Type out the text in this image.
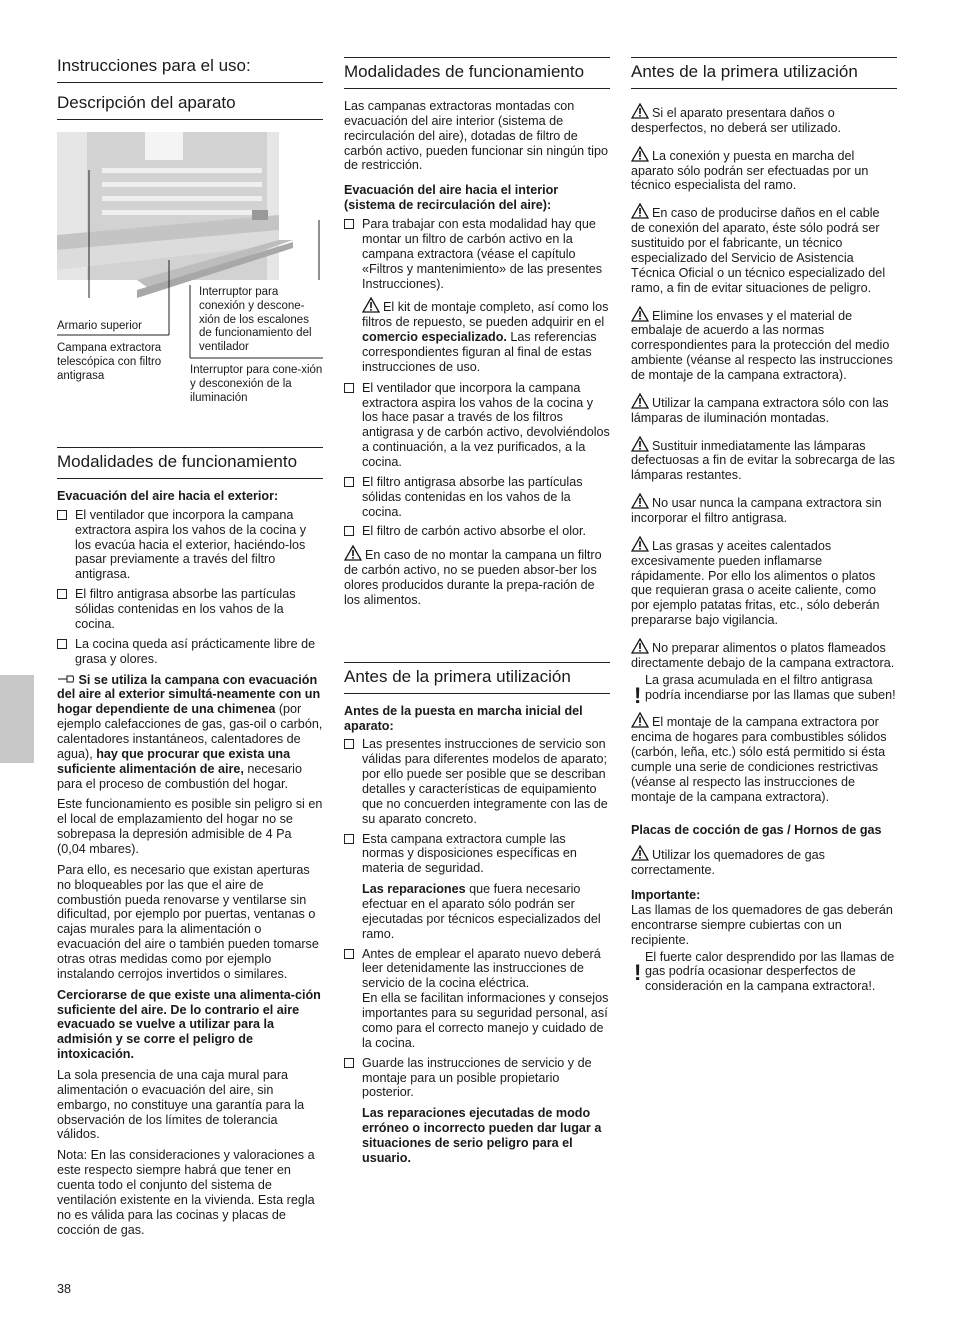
Instrucciones para el uso:
Descripción del aparato
Armario superior
Campana extractora telescópica con filtro antigrasa
Interruptor para conexión y descone-xión de los escalones de funcionamiento del ventilador
Interruptor para cone-xión y desconexión de la iluminación
Modalidades de funcionamiento
Evacuación del aire hacia el exterior:
El ventilador que incorpora la campana extractora aspira los vahos de la cocina y los evacúa hacia el exterior, haciéndo-los pasar previamente a través del filtro antigrasa.
El filtro antigrasa absorbe las partículas sólidas contenidas en los vahos de la cocina.
La cocina queda así prácticamente libre de grasa y olores.

Si se utiliza la campana con evacuación del aire al exterior simultá-neamente con un hogar dependiente de una chimenea (por ejemplo calefacciones de gas, gas-oil o carbón, calentadores instantáneos, calentadores de agua), hay que procurar que exista una suficiente alimentación de aire, necesario para el proceso de combustión del hogar.

Este funcionamiento es posible sin peligro si en el local de emplazamiento del hogar no se sobrepasa la depresión admisible de 4 Pa (0,04 mbares).

Para ello, es necesario que existan aperturas no bloqueables por las que el aire de combustión pueda renovarse y ventilarse sin dificultad, por ejemplo por puertas, ventanas o cajas murales para la alimentación o evacuación del aire o también pueden tomarse otras otras medidas como por ejemplo instalando cerrojos invertidos o similares.

Cerciorarse de que existe una alimenta-ción suficiente del aire. De lo contrario el aire evacuado se vuelve a utilizar para la admisión y se corre el peligro de intoxicación.

La sola presencia de una caja mural para alimentación o evacuación del aire, sin embargo, no constituye una garantía para la observación de los límites de tolerancia válidos.

Nota: En las consideraciones y valoraciones a este respecto siempre habrá que tener en cuenta todo el conjunto del sistema de ventilación existente en la vivienda. Esta regla no es válida para las cocinas y placas de cocción de gas.

Modalidades de funcionamiento

Las campanas extractoras montadas con evacuación del aire interior (sistema de recirculación del aire), dotadas de filtro de carbón activo, pueden funcionar sin ningún tipo de restricción.

Evacuación del aire hacia el interior (sistema de recirculación del aire):
Para trabajar con esta modalidad hay que montar un filtro de carbón activo en la campana extractora (véase el capítulo «Filtros y mantenimiento» de las presentes Instrucciones).

El kit de montaje completo, así como los filtros de repuesto, se pueden adquirir en el comercio especializado. Las referencias correspondientes figuran al final de estas instrucciones de uso.

El ventilador que incorpora la campana extractora aspira los vahos de la cocina y los hace pasar a través de los filtros antigrasa y de carbón activo, devolviéndolos a continuación, a la vez purificados, a la cocina.
El filtro antigrasa absorbe las partículas sólidas contenidas en los vahos de la cocina.
El filtro de carbón activo absorbe el olor.

En caso de no montar la campana un filtro de carbón activo, no se pueden absor-ber los olores producidos durante la prepa-ración de los alimentos.

Antes de la primera utilización
Antes de la puesta en marcha inicial del aparato:
Las presentes instrucciones de servicio son válidas para diferentes modelos de aparato; por ello puede ser posible que se describan detalles y características de equipamiento que no concuerden integramente con las de su aparato concreto.
Esta campana extractora cumple las normas y disposiciones específicas en materia de seguridad.
Las reparaciones que fuera necesario efectuar en el aparato sólo podrán ser ejecutadas por técnicos especializados del ramo.
Antes de emplear el aparato nuevo deberá leer detenidamente las instrucciones de servicio de la cocina eléctrica.
En ella se facilitan informaciones y consejos importantes para su seguridad personal, así como para el correcto manejo y cuidado de la cocina.
Guarde las instrucciones de servicio y de montaje para un posible propietario posterior.
Las reparaciones ejecutadas de modo erróneo o incorrecto pueden dar lugar a situaciones de serio peligro para el usuario.
Antes de la primera utilización

Si el aparato presentara daños o desperfectos, no deberá ser utilizado.

La conexión y puesta en marcha del aparato sólo podrán ser efectuadas por un técnico especialista del ramo.

En caso de producirse daños en el cable de conexión del aparato, éste sólo podrá ser sustituido por el fabricante, un técnico especializado del Servicio de Asistencia Técnica Oficial o un técnico especializado del ramo, a fin de evitar situaciones de peligro.

Elimine los envases y el material de embalaje de acuerdo a las normas correspondientes para la protección del medio ambiente (véanse al respecto las instrucciones de montaje de la campana extractora).

Utilizar la campana extractora sólo con las lámparas de iluminación montadas.

Sustituir inmediatamente las lámparas defectuosas a fin de evitar la sobrecarga de las lámparas restantes.

No usar nunca la campana extractora sin incorporar el filtro antigrasa.

Las grasas y aceites calentados excesivamente pueden inflamarse rápidamente. Por ello los alimentos o platos que requieran grasa o aceite caliente, como por ejemplo patatas fritas, etc., sólo deberán prepararse bajo vigilancia.

No preparar alimentos o platos flameados directamente debajo de la campana extractora.

!
La grasa acumulada en el filtro antigrasa podría incendiarse por las llamas que suben!

El montaje de la campana extractora por encima de hogares para combustibles sólidos (carbón, leña, etc.) sólo está permitido si ésta cumple una serie de condiciones restrictivas (véanse al respecto las instrucciones de montaje de la campana extractora).

Placas de cocción de gas / Hornos de gas

Utilizar los quemadores de gas correctamente.

Importante:

Las llamas de los quemadores de gas deberán encontrarse siempre cubiertas con un recipiente.

!
El fuerte calor desprendido por las llamas de gas podría ocasionar desperfectos de consideración en la campana extractora!.
38
